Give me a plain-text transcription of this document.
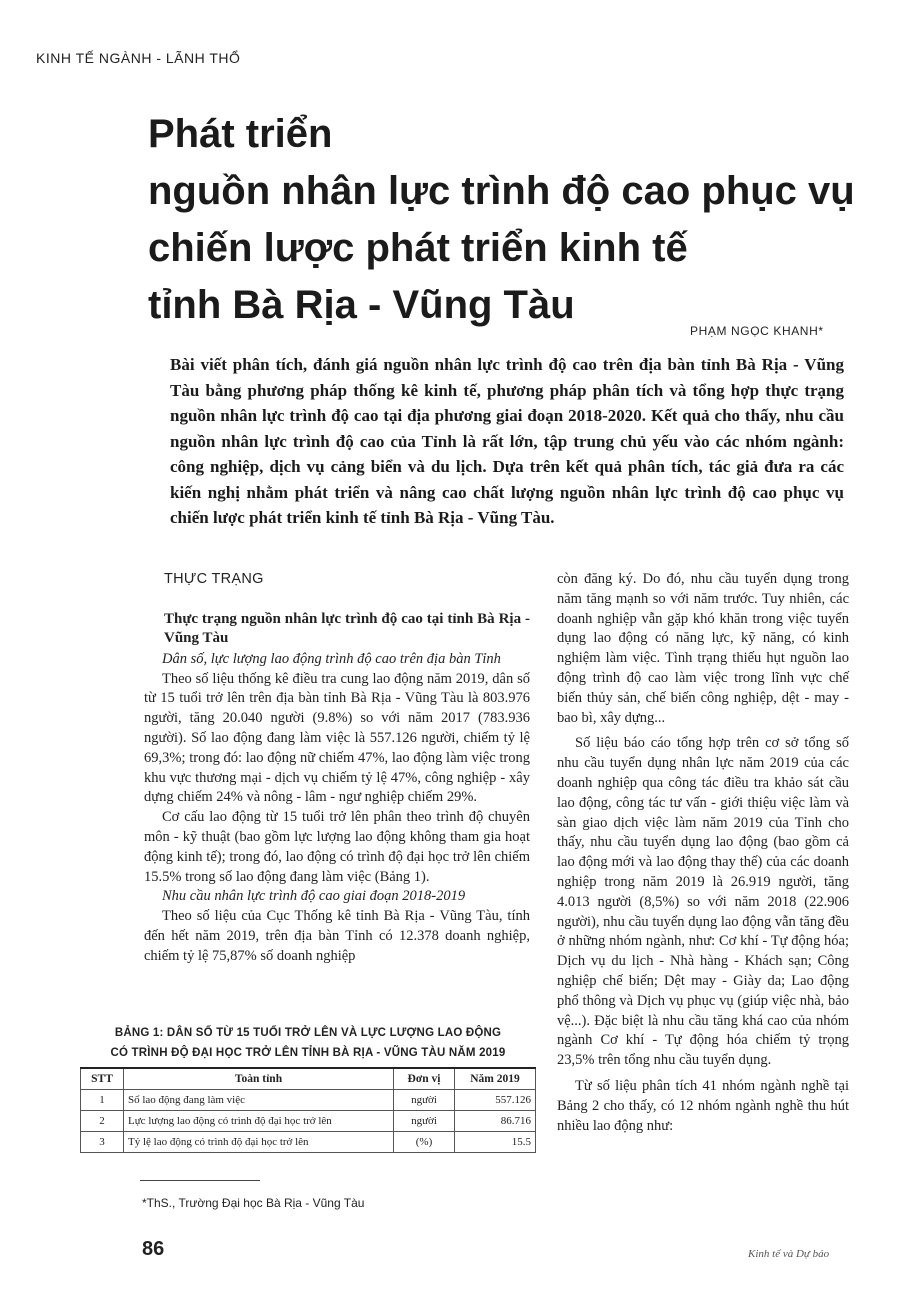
KINH TẾ NGÀNH - LÃNH THỔ
Phát triển
nguồn nhân lực trình độ cao phục vụ
chiến lược phát triển kinh tế
tỉnh Bà Rịa - Vũng Tàu
PHẠM NGỌC KHANH*
Bài viết phân tích, đánh giá nguồn nhân lực trình độ cao trên địa bàn tỉnh Bà Rịa - Vũng Tàu bằng phương pháp thống kê kinh tế, phương pháp phân tích và tổng hợp thực trạng nguồn nhân lực trình độ cao tại địa phương giai đoạn 2018-2020. Kết quả cho thấy, nhu cầu nguồn nhân lực trình độ cao của Tỉnh là rất lớn, tập trung chủ yếu vào các nhóm ngành: công nghiệp, dịch vụ cảng biển và du lịch. Dựa trên kết quả phân tích, tác giả đưa ra các kiến nghị nhằm phát triển và nâng cao chất lượng nguồn nhân lực trình độ cao phục vụ chiến lược phát triển kinh tế tỉnh Bà Rịa - Vũng Tàu.
THỰC TRẠNG
Thực trạng nguồn nhân lực trình độ cao tại tỉnh Bà Rịa - Vũng Tàu

Dân số, lực lượng lao động trình độ cao trên địa bàn Tỉnh

Theo số liệu thống kê điều tra cung lao động năm 2019, dân số từ 15 tuổi trở lên trên địa bàn tỉnh Bà Rịa - Vũng Tàu là 803.976 người, tăng 20.040 người (9.8%) so với năm 2017 (783.936 người). Số lao động đang làm việc là 557.126 người, chiếm tỷ lệ 69,3%; trong đó: lao động nữ chiếm 47%, lao động làm việc trong khu vực thương mại - dịch vụ chiếm tỷ lệ 47%, công nghiệp - xây dựng chiếm 24% và nông - lâm - ngư nghiệp chiếm 29%.

Cơ cấu lao động từ 15 tuổi trở lên phân theo trình độ chuyên môn - kỹ thuật (bao gồm lực lượng lao động không tham gia hoạt động kinh tế); trong đó, lao động có trình độ đại học trở lên chiếm 15.5% trong số lao động đang làm việc (Bảng 1).

Nhu cầu nhân lực trình độ cao giai đoạn 2018-2019

Theo số liệu của Cục Thống kê tỉnh Bà Rịa - Vũng Tàu, tính đến hết năm 2019, trên địa bàn Tỉnh có 12.378 doanh nghiệp, chiếm tỷ lệ 75,87% số doanh nghiệp

còn đăng ký. Do đó, nhu cầu tuyển dụng trong năm tăng mạnh so với năm trước. Tuy nhiên, các doanh nghiệp vẫn gặp khó khăn trong việc tuyển dụng lao động có năng lực, kỹ năng, có kinh nghiệm làm việc. Tình trạng thiếu hụt nguồn lao động trình độ cao làm việc trong lĩnh vực chế biến thủy sản, chế biến công nghiệp, dệt - may - bao bì, xây dựng...

Số liệu báo cáo tổng hợp trên cơ sở tổng số nhu cầu tuyển dụng nhân lực năm 2019 của các doanh nghiệp qua công tác điều tra khảo sát cầu lao động, công tác tư vấn - giới thiệu việc làm và sàn giao dịch việc làm năm 2019 của Tỉnh cho thấy, nhu cầu tuyển dụng lao động (bao gồm cả lao động mới và lao động thay thế) của các doanh nghiệp trong năm 2019 là 26.919 người, tăng 4.013 người (8,5%) so với năm 2018 (22.906 người), nhu cầu tuyển dụng lao động vẫn tăng đều ở những nhóm ngành, như: Cơ khí - Tự động hóa; Dịch vụ du lịch - Nhà hàng - Khách sạn; Công nghiệp chế biến; Dệt may - Giày da; Lao động phổ thông và Dịch vụ phục vụ (giúp việc nhà, bảo vệ...). Đặc biệt là nhu cầu tăng khá cao của nhóm ngành Cơ khí - Tự động hóa chiếm tỷ trọng 23,5% trên tổng nhu cầu tuyển dụng.

Từ số liệu phân tích 41 nhóm ngành nghề tại Bảng 2 cho thấy, có 12 nhóm ngành nghề thu hút nhiều lao động như:

BẢNG 1: DÂN SỐ TỪ 15 TUỔI TRỞ LÊN VÀ LỰC LƯỢNG LAO ĐỘNG
CÓ TRÌNH ĐỘ ĐẠI HỌC TRỞ LÊN TỈNH BÀ RỊA - VŨNG TÀU NĂM 2019
STT	Toàn tỉnh	Đơn vị	Năm 2019
1	Số lao động đang làm việc	người	557.126
2	Lực lượng lao động có trình độ đại học trở lên	người	86.716
3	Tỷ lệ lao động có trình độ đại học trở lên	(%)	15.5
*ThS., Trường Đại học Bà Rịa - Vũng Tàu
86	Kinh tế và Dự báo
